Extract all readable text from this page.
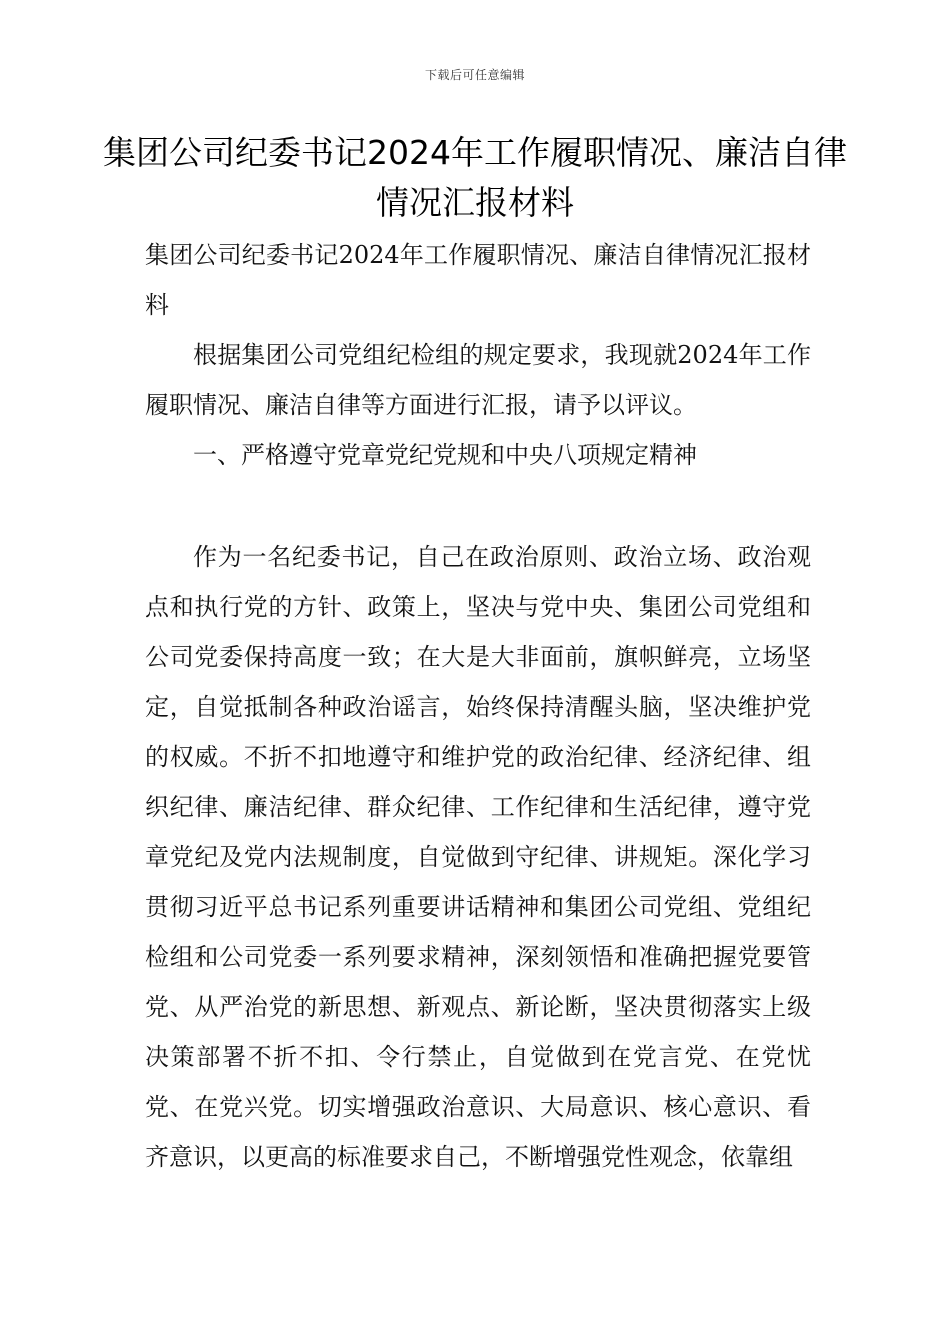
下载后可任意编辑
集团公司纪委书记2024年工作履职情况、廉洁自律情况汇报材料

集团公司纪委书记2024年工作履职情况、廉洁自律情况汇报材料

根据集团公司党组纪检组的规定要求，我现就2024年工作履职情况、廉洁自律等方面进行汇报，请予以评议。

一、严格遵守党章党纪党规和中央八项规定精神

作为一名纪委书记，自己在政治原则、政治立场、政治观点和执行党的方针、政策上，坚决与党中央、集团公司党组和公司党委保持高度一致；在大是大非面前，旗帜鲜亮，立场坚定，自觉抵制各种政治谣言，始终保持清醒头脑，坚决维护党的权威。不折不扣地遵守和维护党的政治纪律、经济纪律、组织纪律、廉洁纪律、群众纪律、工作纪律和生活纪律，遵守党章党纪及党内法规制度，自觉做到守纪律、讲规矩。深化学习贯彻习近平总书记系列重要讲话精神和集团公司党组、党组纪检组和公司党委一系列要求精神，深刻领悟和准确把握党要管党、从严治党的新思想、新观点、新论断，坚决贯彻落实上级决策部署不折不扣、令行禁止，自觉做到在党言党、在党忧党、在党兴党。切实增强政治意识、大局意识、核心意识、看齐意识，以更高的标准要求自己，不断增强党性观念，依靠组
